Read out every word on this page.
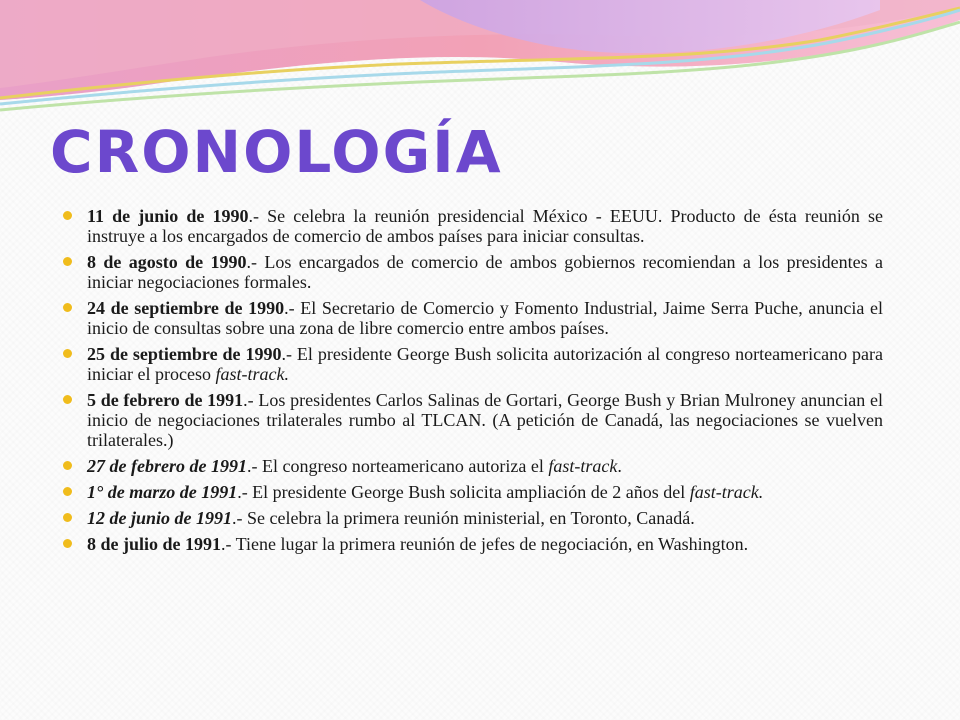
CRONOLOGÍA
11 de junio de 1990.- Se celebra la reunión presidencial México - EEUU. Producto de ésta reunión se instruye a los encargados de comercio de ambos países para iniciar consultas.
8 de agosto de 1990.- Los encargados de comercio de ambos gobiernos recomiendan a los presidentes a iniciar negociaciones formales.
24 de septiembre de 1990.- El Secretario de Comercio y Fomento Industrial, Jaime Serra Puche, anuncia el inicio de consultas sobre una zona de libre comercio entre ambos países.
25 de septiembre de 1990.- El presidente George Bush solicita autorización al congreso norteamericano para iniciar el proceso fast-track.
5 de febrero de 1991.- Los presidentes Carlos Salinas de Gortari, George Bush y Brian Mulroney anuncian el inicio de negociaciones trilaterales rumbo al TLCAN. (A petición de Canadá, las negociaciones se vuelven trilaterales.)
27 de febrero de 1991.- El congreso norteamericano autoriza el fast-track.
1° de marzo de 1991.- El presidente George Bush solicita ampliación de 2 años del fast-track.
12 de junio de 1991.- Se celebra la primera reunión ministerial, en Toronto, Canadá.
8 de julio de 1991.- Tiene lugar la primera reunión de jefes de negociación, en Washington.
